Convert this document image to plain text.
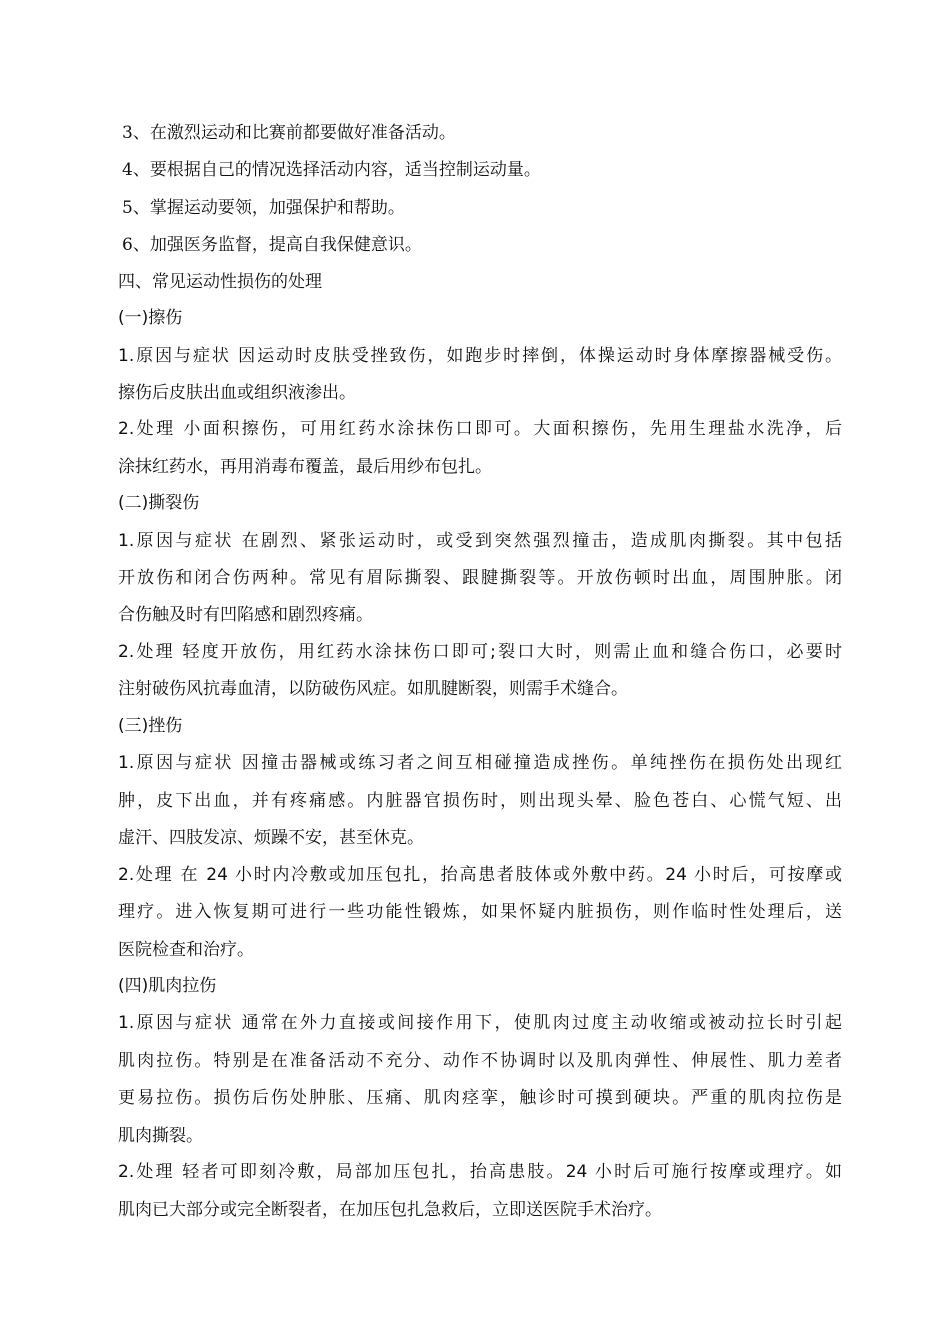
3、在激烈运动和比赛前都要做好准备活动。
4、要根据自己的情况选择活动内容，适当控制运动量。
5、掌握运动要领，加强保护和帮助。
6、加强医务监督，提高自我保健意识。
四、常见运动性损伤的处理
(一)擦伤
1.原因与症状 因运动时皮肤受挫致伤，如跑步时摔倒，体操运动时身体摩擦器械受伤。
擦伤后皮肤出血或组织液渗出。
2.处理 小面积擦伤，可用红药水涂抹伤口即可。大面积擦伤，先用生理盐水洗净，后
涂抹红药水，再用消毒布覆盖，最后用纱布包扎。
(二)撕裂伤
1.原因与症状 在剧烈、紧张运动时，或受到突然强烈撞击，造成肌肉撕裂。其中包括
开放伤和闭合伤两种。常见有眉际撕裂、跟腱撕裂等。开放伤顿时出血，周围肿胀。闭
合伤触及时有凹陷感和剧烈疼痛。
2.处理 轻度开放伤，用红药水涂抹伤口即可;裂口大时，则需止血和缝合伤口，必要时
注射破伤风抗毒血清，以防破伤风症。如肌腱断裂，则需手术缝合。
(三)挫伤
1.原因与症状 因撞击器械或练习者之间互相碰撞造成挫伤。单纯挫伤在损伤处出现红
肿，皮下出血，并有疼痛感。内脏器官损伤时，则出现头晕、脸色苍白、心慌气短、出
虚汗、四肢发凉、烦躁不安，甚至休克。
2.处理 在 24 小时内冷敷或加压包扎，抬高患者肢体或外敷中药。24 小时后，可按摩或
理疗。进入恢复期可进行一些功能性锻炼，如果怀疑内脏损伤，则作临时性处理后，送
医院检查和治疗。
(四)肌肉拉伤
1.原因与症状 通常在外力直接或间接作用下，使肌肉过度主动收缩或被动拉长时引起
肌肉拉伤。特别是在准备活动不充分、动作不协调时以及肌肉弹性、伸展性、肌力差者
更易拉伤。损伤后伤处肿胀、压痛、肌肉痉挛，触诊时可摸到硬块。严重的肌肉拉伤是
肌肉撕裂。
2.处理 轻者可即刻冷敷，局部加压包扎，抬高患肢。24 小时后可施行按摩或理疗。如
肌肉已大部分或完全断裂者，在加压包扎急救后，立即送医院手术治疗。
